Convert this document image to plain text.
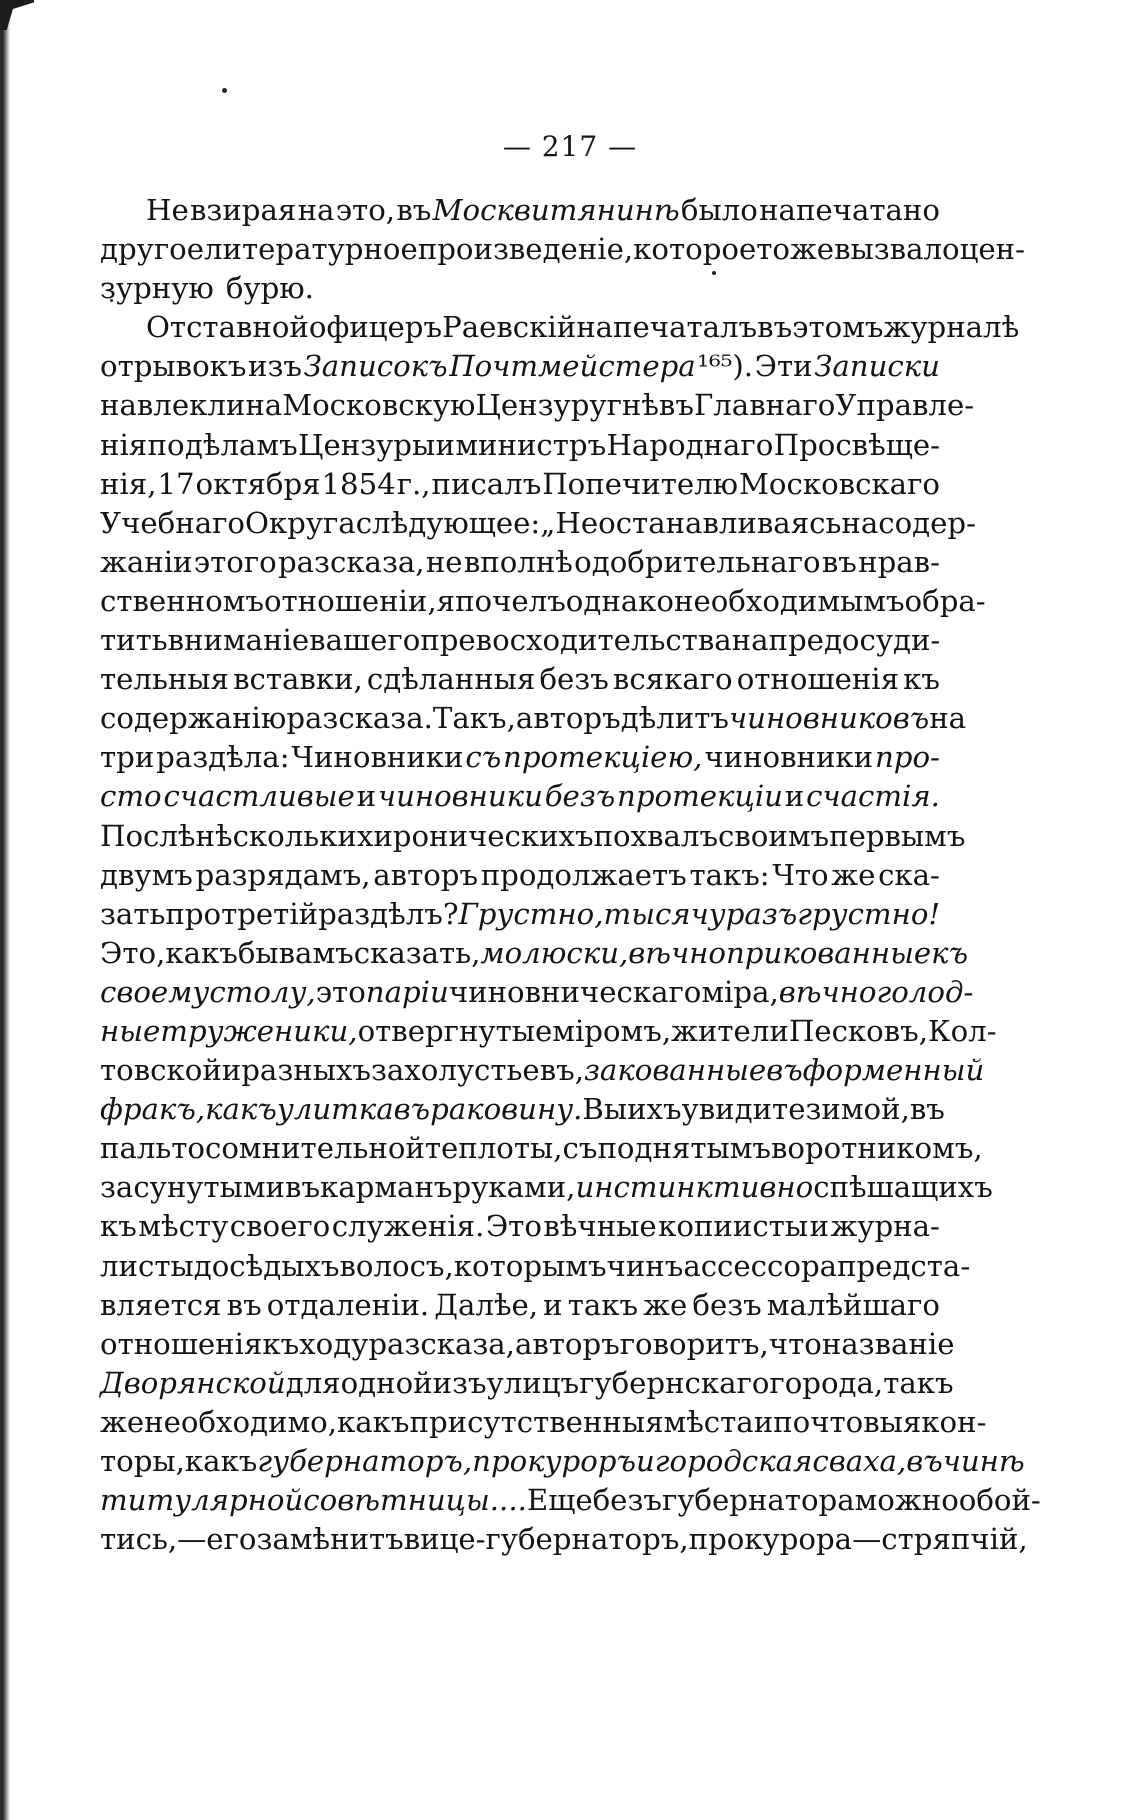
— 217 —
Не взирая на это, въ Москвитянинѣ было напечатано
другое литературное произведеніе, которое тоже вызвало цен-
зурную бурю.
Отставной офицеръ Раевскій напечаталъ въ этомъ журналѣ
отрывокъ изъ Записокъ Почтмейстера ¹⁶⁵). Эти Записки
навлекли на Московскую Цензуру гнѣвъ Главнаго Управле-
нія по дѣламъ Цензуры и министръ Народнаго Просвѣще-
нія, 17 октября 1854 г., писалъ Попечителю Московскаго
Учебнаго Округа слѣдующее: „Не останавливаясь на содер-
жаніи этого разсказа, не вполнѣ одобрительнаго въ нрав-
ственномъ отношеніи, я почелъ однако необходимымъ обра-
тить вниманіе вашего превосходительства на предосуди-
тельныя вставки, сдѣланныя безъ всякаго отношенія къ
содержанію разсказа. Такъ, авторъ дѣлитъ чиновниковъ на
три раздѣла: Чиновники съ протекціею, чиновники про-
сто счастливые и чиновники безъ протекціи и счастія.
Послѣ нѣскольких ироническихъ похвалъ своимъ первымъ
двумъ разрядамъ, авторъ продолжаетъ такъ: Что же ска-
зать про третій раздѣлъ? Грустно, тысячу разъ грустно!
Это, какъ бы вамъ сказать, молюски, вѣчно прикованные къ
своему столу, это паріи чиновническаго міра, вѣчно голод-
ные труженики, отвергнутые міромъ, жители Песковъ, Кол-
товской и разныхъ захолустьевъ, закованные въ форменный
фракъ, какъ улитка въ раковину. Вы ихъ увидите зимой, въ
пальто сомнительной теплоты, съ поднятымъ воротникомъ,
засунутыми въ карманъ руками, инстинктивно спѣшащихъ
къ мѣсту своего служенія. Это вѣчные копиисты и журна-
листы до сѣдыхъ волосъ, которымъ чинъ ассессора предста-
вляется въ отдаленіи. Далѣе, и такъ же безъ малѣйшаго
отношенія къ ходу разсказа, авторъ говоритъ, что названіе
Дворянской для одной изъ улицъ губернскаго города, такъ
же необходимо, какъ присутственныя мѣста и почтовыя кон-
торы, какъ губернаторъ, прокуроръ и городская сваха, въ чинѣ
титулярной совѣтницы.... Еще безъ губернатора можно обой-
тись,—его замѣнитъ вице-губернаторъ, прокурора—стряпчій,
